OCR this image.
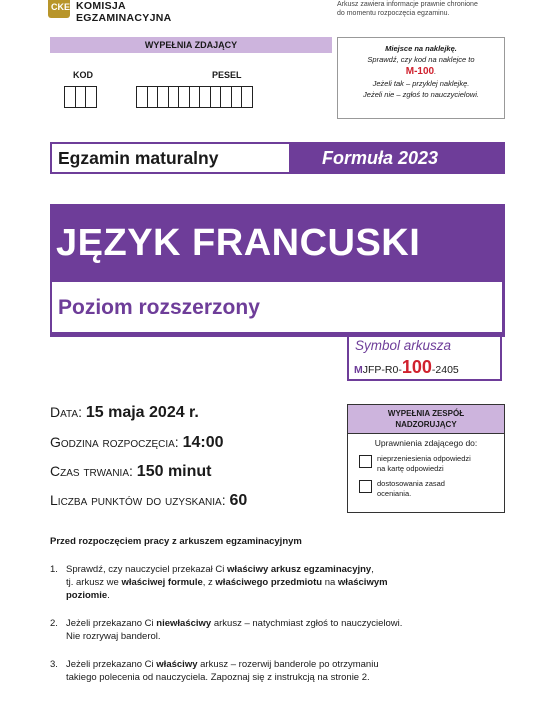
CKE KOMISJA
EGZAMINACYJNA
Arkusz zawiera informacje prawnie chronione
do momentu rozpoczęcia egzaminu.
WYPEŁNIA ZDAJĄCY
KOD	PESEL
Miejsce na naklejkę.
Sprawdź, czy kod na naklejce to
M-100.
Jeżeli tak – przyklej naklejkę.
Jeżeli nie – zgłoś to nauczycielowi.
Egzamin maturalny	Formuła 2023
JĘZYK FRANCUSKI
Poziom rozszerzony
Symbol arkusza
MJFP-R0-100-2405
Data: 15 maja 2024 r.
Godzina rozpoczęcia: 14:00
Czas trwania: 150 minut
Liczba punktów do uzyskania: 60
WYPEŁNIA ZESPÓŁ
NADZORUJĄCY
Uprawnienia zdającego do:
nieprzeniesienia odpowiedzi
na kartę odpowiedzi
dostosowania zasad
oceniania.
Przed rozpoczęciem pracy z arkuszem egzaminacyjnym
1. Sprawdź, czy nauczyciel przekazał Ci właściwy arkusz egzaminacyjny,
tj. arkusz we właściwej formule, z właściwego przedmiotu na właściwym
poziomie.
2. Jeżeli przekazano Ci niewłaściwy arkusz – natychmiast zgłoś to nauczycielowi.
Nie rozrywaj banderol.
3. Jeżeli przekazano Ci właściwy arkusz – rozerwij banderole po otrzymaniu
takiego polecenia od nauczyciela. Zapoznaj się z instrukcją na stronie 2.
